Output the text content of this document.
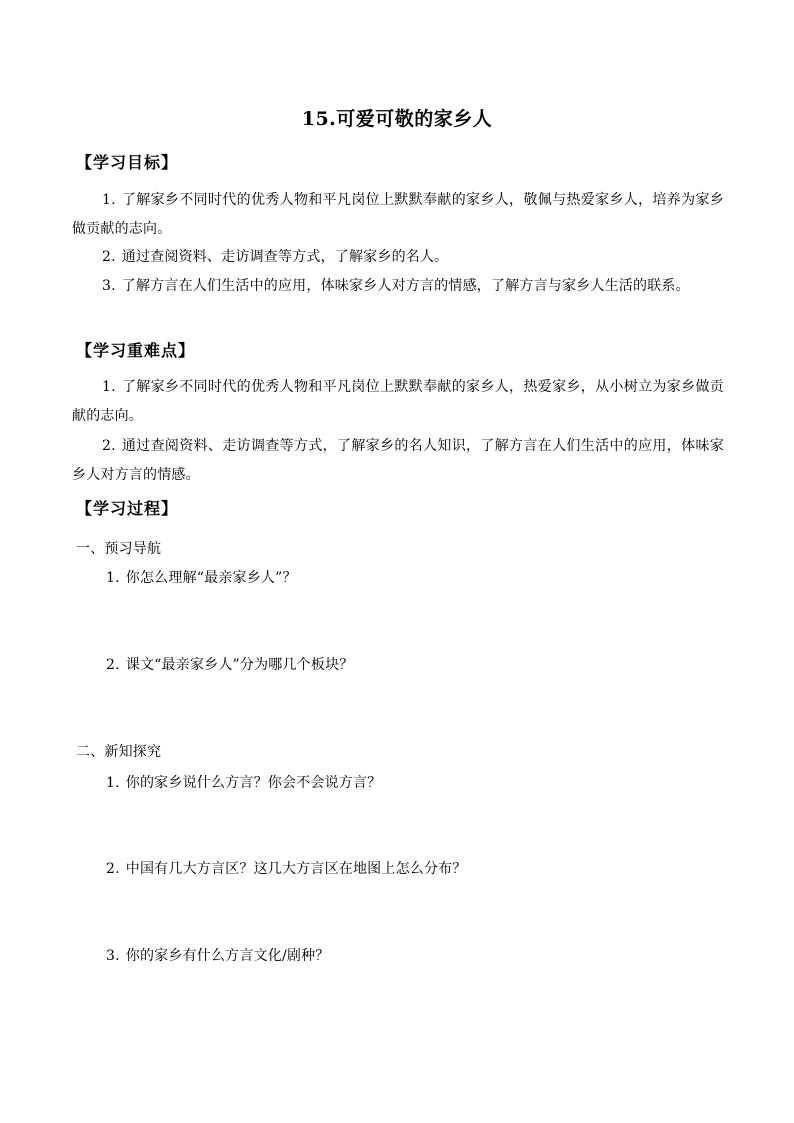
15.可爱可敬的家乡人
【学习目标】
1. 了解家乡不同时代的优秀人物和平凡岗位上默默奉献的家乡人，敬佩与热爱家乡人，培养为家乡做贡献的志向。
2. 通过查阅资料、走访调查等方式，了解家乡的名人。
3. 了解方言在人们生活中的应用，体味家乡人对方言的情感，了解方言与家乡人生活的联系。
【学习重难点】
1. 了解家乡不同时代的优秀人物和平凡岗位上默默奉献的家乡人，热爱家乡，从小树立为家乡做贡献的志向。
2. 通过查阅资料、走访调查等方式，了解家乡的名人知识，了解方言在人们生活中的应用，体味家乡人对方言的情感。
【学习过程】
一、预习导航
1. 你怎么理解“最亲家乡人”？
2. 课文“最亲家乡人”分为哪几个板块？
二、新知探究
1. 你的家乡说什么方言？你会不会说方言？
2. 中国有几大方言区？这几大方言区在地图上怎么分布？
3. 你的家乡有什么方言文化/剧种？
